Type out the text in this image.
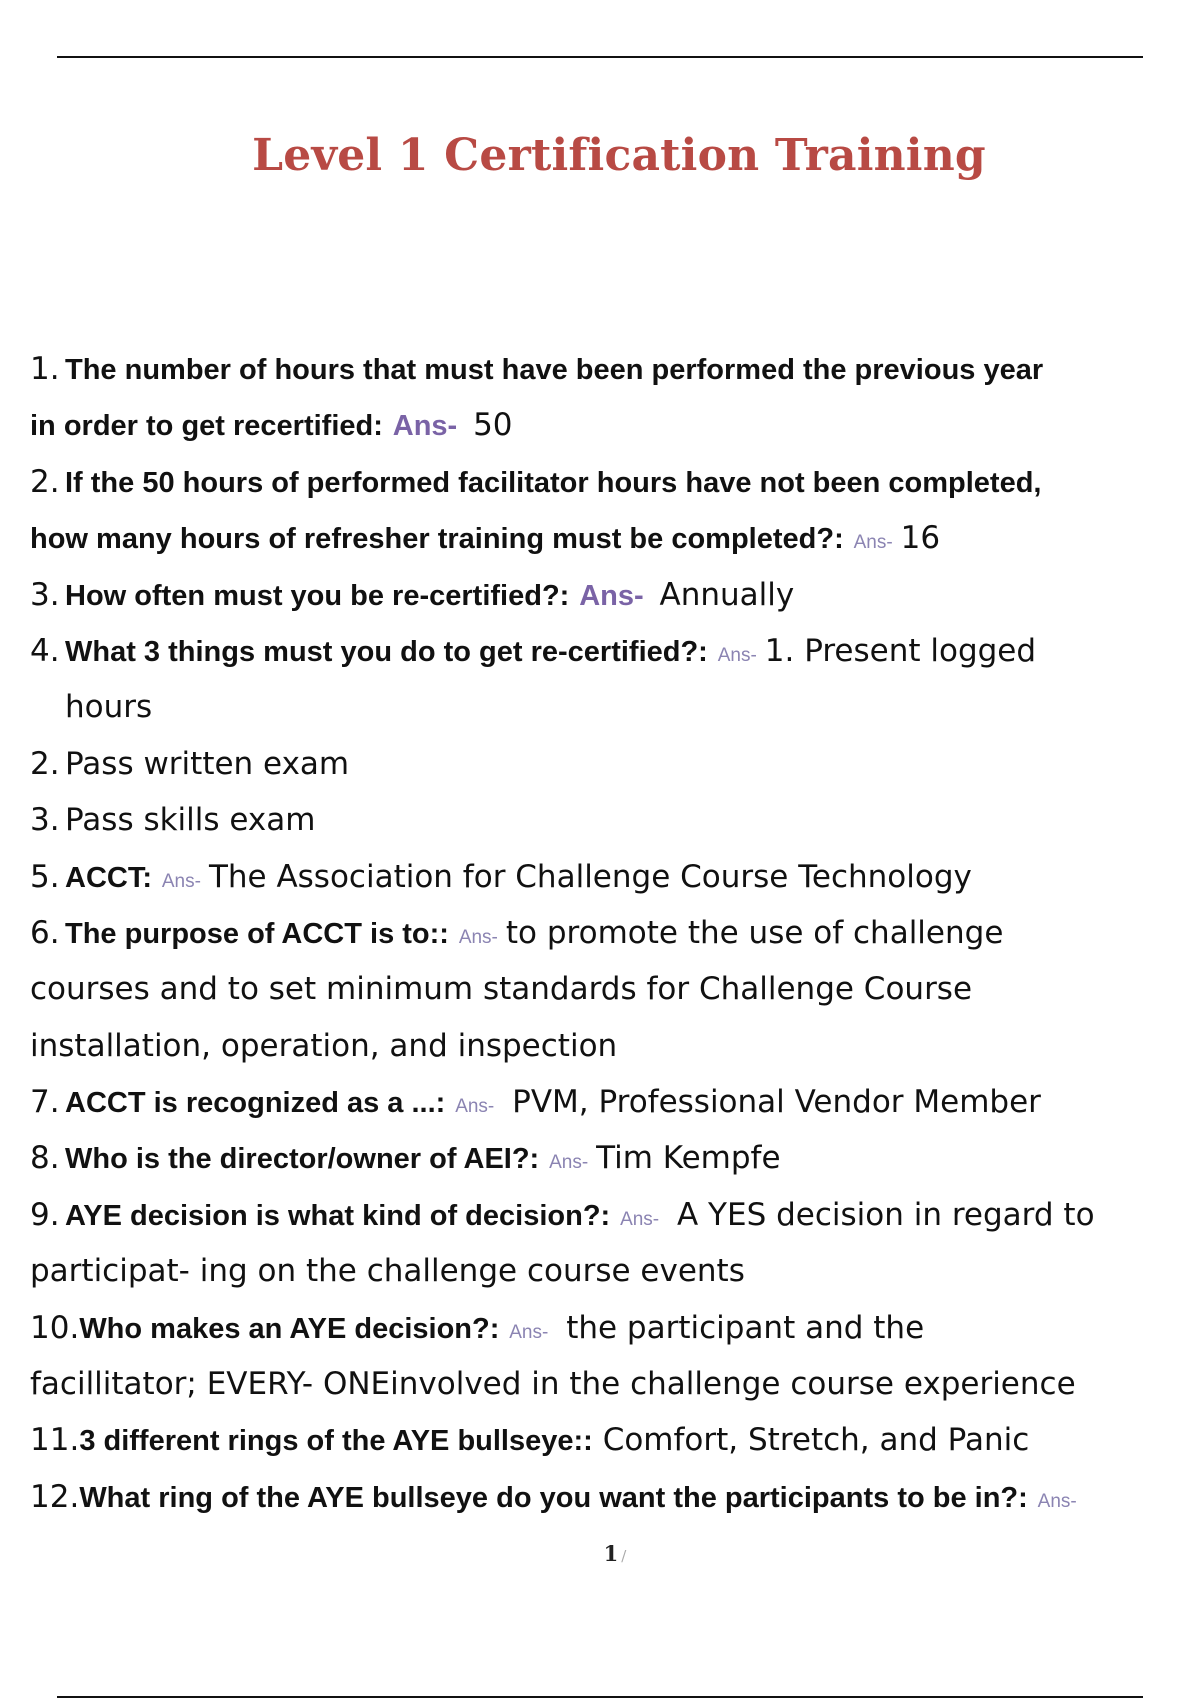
Level 1 Certification Training
1. The number of hours that must have been performed the previous year
in order to get recertified: Ans- 50
2. If the 50 hours of performed facilitator hours have not been completed,
how many hours of refresher training must be completed?: Ans- 16
3. How often must you be re-certified?: Ans- Annually
4. What 3 things must you do to get re-certified?: Ans- 1. Present logged
hours
2. Pass written exam
3. Pass skills exam
5. ACCT: Ans- The Association for Challenge Course Technology
6. The purpose of ACCT is to:: Ans- to promote the use of challenge
courses and to set minimum standards for Challenge Course
installation, operation, and inspection
7. ACCT is recognized as a ...: Ans- PVM, Professional Vendor Member
8. Who is the director/owner of AEI?: Ans- Tim Kempfe
9. AYE decision is what kind of decision?: Ans- A YES decision in regard to
participat- ing on the challenge course events
10.Who makes an AYE decision?: Ans- the participant and the
facillitator; EVERY- ONEinvolved in the challenge course experience
11.3 different rings of the AYE bullseye:: Comfort, Stretch, and Panic
12.What ring of the AYE bullseye do you want the participants to be in?: Ans-
1 /
